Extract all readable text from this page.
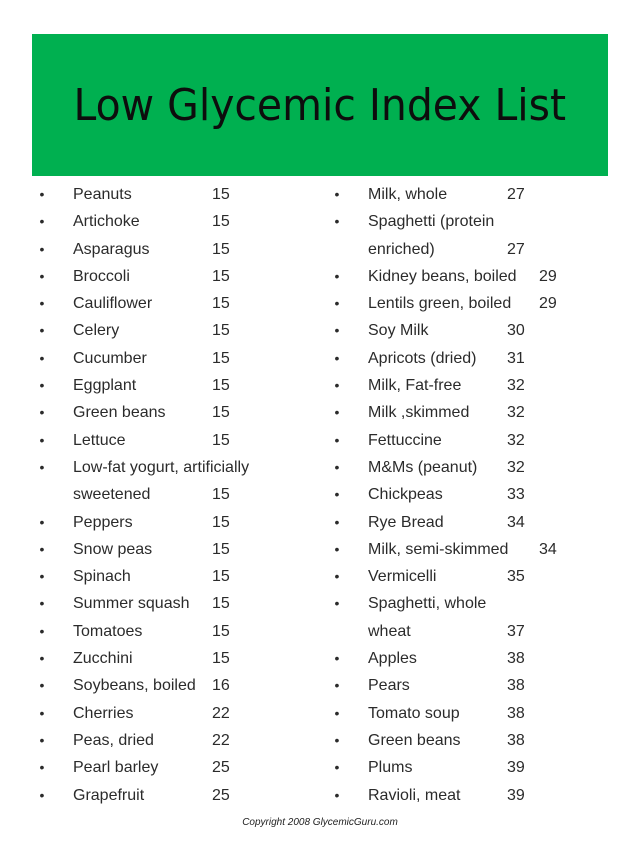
Low Glycemic Index List
• Peanuts	15
• Artichoke	15
• Asparagus	15
• Broccoli	15
• Cauliflower	15
• Celery	15
• Cucumber	15
• Eggplant	15
• Green beans	15
• Lettuce	15
• Low-fat yogurt, artificially
sweetened	15
• Peppers	15
• Snow peas	15
• Spinach	15
• Summer squash 15
• Tomatoes	15
• Zucchini	15
• Soybeans, boiled 16
• Cherries	22
• Peas, dried	22
• Pearl barley	25
• Grapefruit	25
• Milk, whole	27
• Spaghetti (protein
enriched)	27
• Kidney beans, boiled 29
• Lentils green, boiled 29
• Soy Milk	30
• Apricots (dried) 31
• Milk, Fat-free	32
• Milk ,skimmed 32
• Fettuccine	32
• M&Ms (peanut) 32
• Chickpeas	33
• Rye Bread	34
• Milk, semi-skimmed 34
• Vermicelli	35
• Spaghetti, whole
wheat	37
• Apples	38
• Pears	38
• Tomato soup	38
• Green beans	38
• Plums	39
• Ravioli, meat	39
Copyright 2008 GlycemicGuru.com
